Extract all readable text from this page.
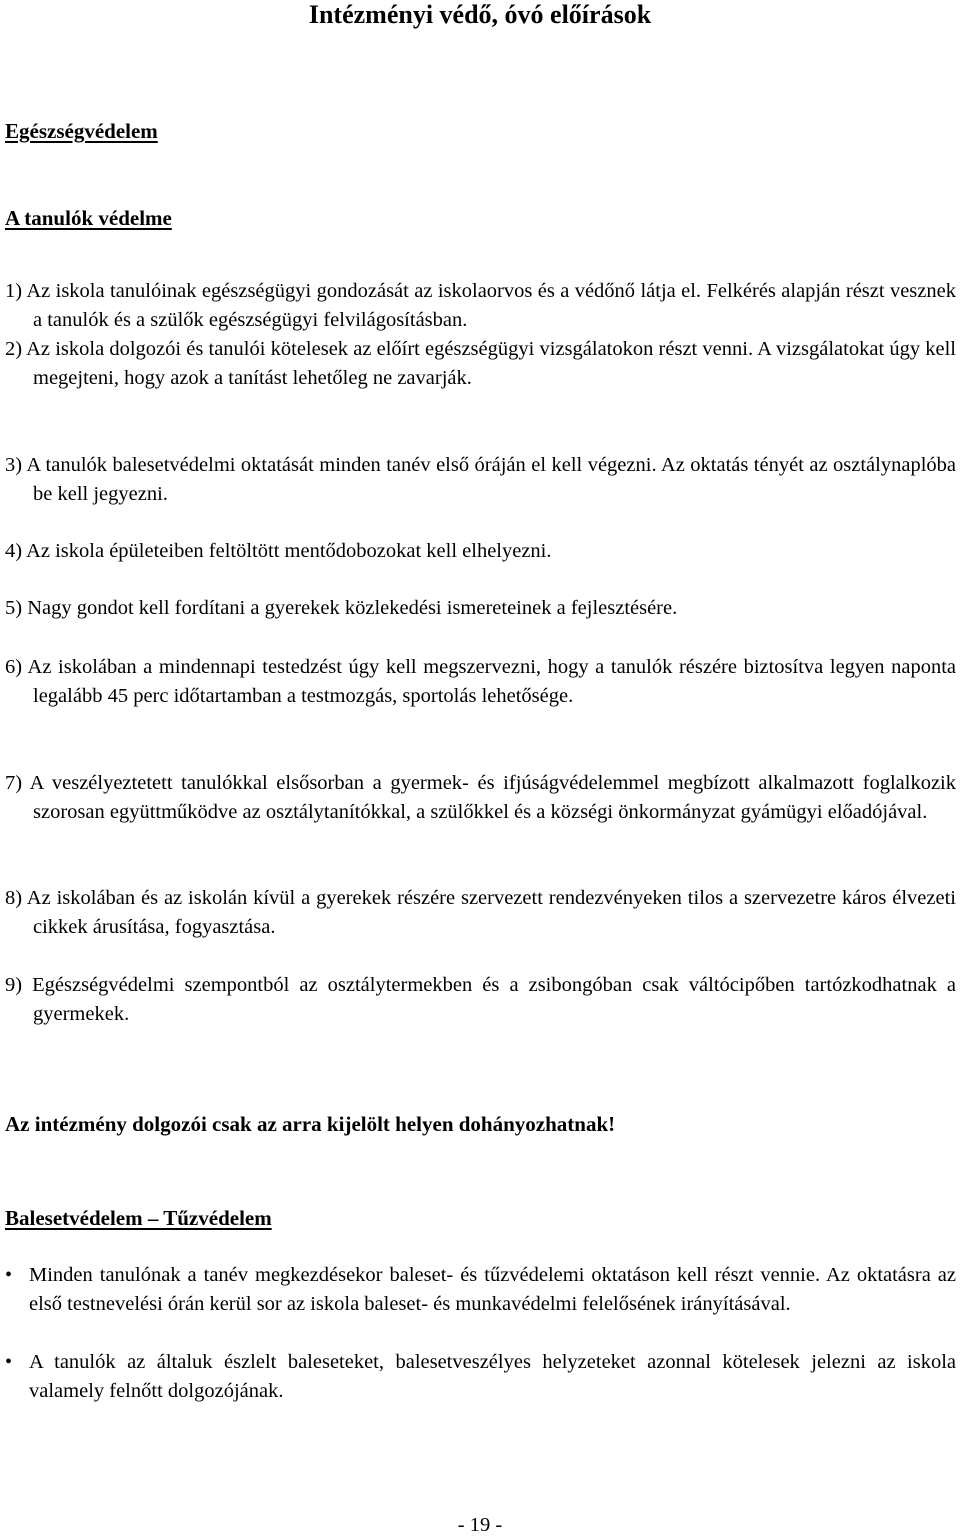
Intézményi védő, óvó előírások
Egészségvédelem
A tanulók védelme
1) Az iskola tanulóinak egészségügyi gondozását az iskolaorvos és a védőnő látja el. Felkérés alapján részt vesznek a tanulók és a szülők egészségügyi felvilágosításban.
2) Az iskola dolgozói és tanulói kötelesek az előírt egészségügyi vizsgálatokon részt venni. A vizsgálatokat úgy kell megejteni, hogy azok a tanítást lehetőleg ne zavarják.
3) A tanulók balesetvédelmi oktatását minden tanév első óráján el kell végezni. Az oktatás tényét az osztálynaplóba be kell jegyezni.
4) Az iskola épületeiben feltöltött mentődobozokat kell elhelyezni.
5) Nagy gondot kell fordítani a gyerekek közlekedési ismereteinek a fejlesztésére.
6) Az iskolában a mindennapi testedzést úgy kell megszervezni, hogy a tanulók részére biztosítva legyen naponta legalább 45 perc időtartamban a testmozgás, sportolás lehetősége.
7) A veszélyeztetett tanulókkal elsősorban a gyermek- és ifjúságvédelemmel megbízott alkalmazott foglalkozik szorosan együttműködve az osztálytanítókkal, a szülőkkel és a községi önkormányzat gyámügyi előadójával.
8) Az iskolában és az iskolán kívül a gyerekek részére szervezett rendezvényeken tilos a szervezetre káros élvezeti cikkek árusítása, fogyasztása.
9) Egészségvédelmi szempontból az osztálytermekben és a zsibongóban csak váltócipőben tartózkodhatnak a gyermekek.
Az intézmény dolgozói csak az arra kijelölt helyen dohányozhatnak!
Balesetvédelem – Tűzvédelem
• Minden tanulónak a tanév megkezdésekor baleset- és tűzvédelemi oktatáson kell részt vennie. Az oktatásra az első testnevelési órán kerül sor az iskola baleset- és munkavédelmi felelősének irányításával.
• A tanulók az általuk észlelt baleseteket, balesetveszélyes helyzeteket azonnal kötelesek jelezni az iskola valamely felnőtt dolgozójának.
- 19 -
